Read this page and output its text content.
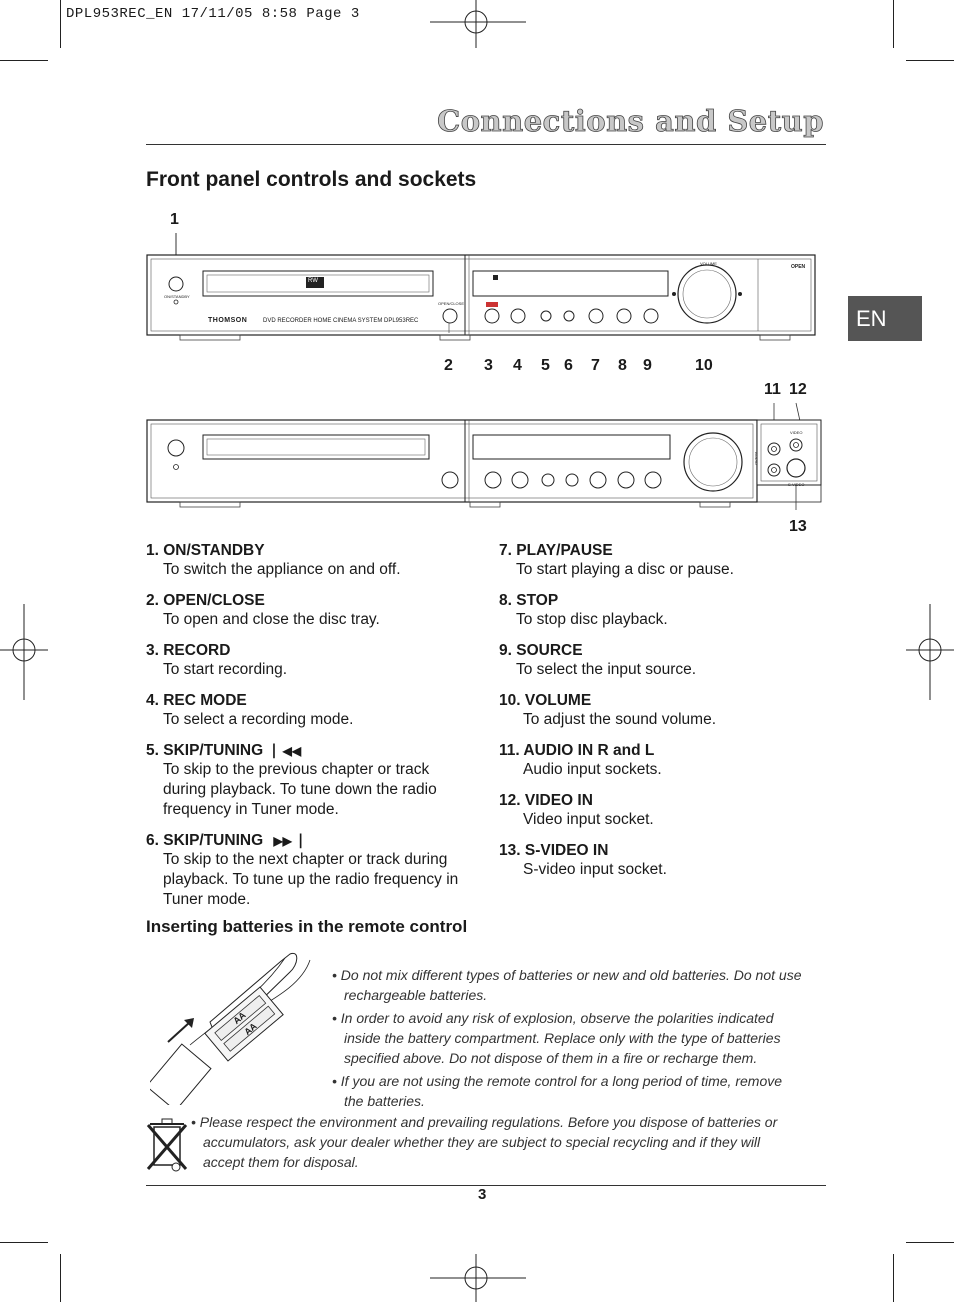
DPL953REC_EN 17/11/05 8:58 Page 3
Connections and Setup
Front panel controls and sockets
EN
ON/STANDBY
THOMSON	DVD RECORDER HOME CINEMA SYSTEM DPL953REC
OPEN/CLOSE
RW
OPEN
VOLUME
1
2 3 4 5 6 7 8 9	10
11 12
VIDEO
S-VIDEO
AUDIO
13
1. ON/STANDBY
To switch the appliance on and off.
2. OPEN/CLOSE
To open and close the disc tray.
3. RECORD
To start recording.
4. REC MODE
To select a recording mode.
5. SKIP/TUNING ▏◀◀
To skip to the previous chapter or track during playback. To tune down the radio frequency in Tuner mode.
6. SKIP/TUNING ▶▶▕
To skip to the next chapter or track during playback. To tune up the radio frequency in Tuner mode.
7. PLAY/PAUSE
To start playing a disc or pause.
8. STOP
To stop disc playback.
9. SOURCE
To select the input source.
10. VOLUME
To adjust the sound volume.
11. AUDIO IN R and L
Audio input sockets.
12. VIDEO IN
Video input socket.
13. S-VIDEO IN
S-video input socket.
Inserting batteries in the remote control
AA
AA

• Do not mix different types of batteries or new and old batteries. Do not use rechargeable batteries.

• In order to avoid any risk of explosion, observe the polarities indicated inside the battery compartment. Replace only with the type of batteries specified above. Do not dispose of them in a fire or recharge them.

• If you are not using the remote control for a long period of time, remove the batteries.

• Please respect the environment and prevailing regulations. Before you dispose of batteries or accumulators, ask your dealer whether they are subject to special recycling and if they will accept them for disposal.

3
